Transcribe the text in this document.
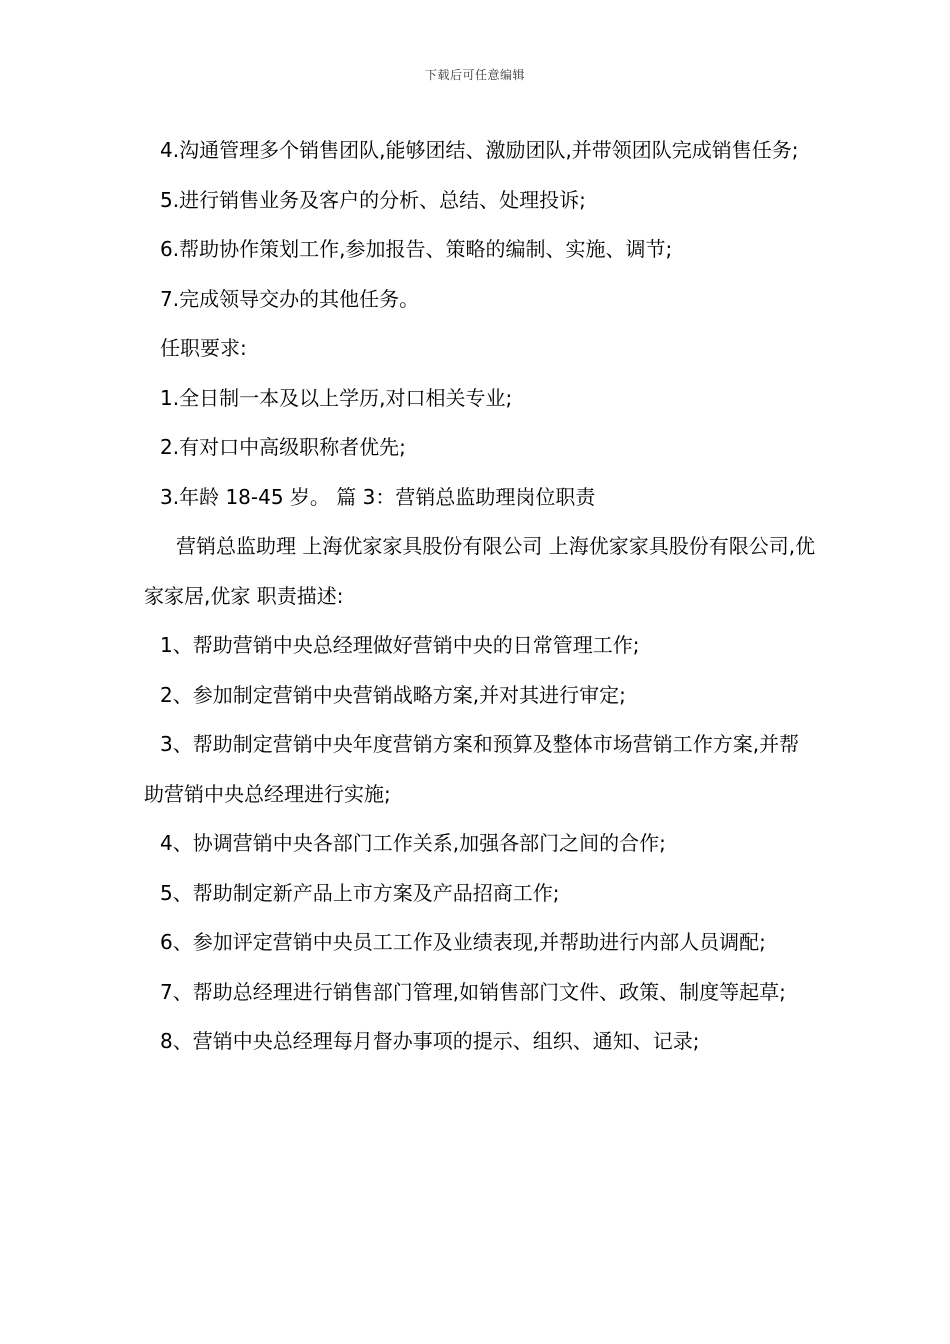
下载后可任意编辑

4.沟通管理多个销售团队,能够团结、激励团队,并带领团队完成销售任务;

5.进行销售业务及客户的分析、总结、处理投诉;

6.帮助协作策划工作,参加报告、策略的编制、实施、调节;

7.完成领导交办的其他任务。

任职要求:

1.全日制一本及以上学历,对口相关专业;

2.有对口中高级职称者优先;

3.年龄 18-45 岁。 篇 3：营销总监助理岗位职责

营销总监助理 上海优家家具股份有限公司 上海优家家具股份有限公司,优家家居,优家 职责描述:

1、帮助营销中央总经理做好营销中央的日常管理工作;

2、参加制定营销中央营销战略方案,并对其进行审定;

3、帮助制定营销中央年度营销方案和预算及整体市场营销工作方案,并帮助营销中央总经理进行实施;

4、协调营销中央各部门工作关系,加强各部门之间的合作;

5、帮助制定新产品上市方案及产品招商工作;

6、参加评定营销中央员工工作及业绩表现,并帮助进行内部人员调配;

7、帮助总经理进行销售部门管理,如销售部门文件、政策、制度等起草;

8、营销中央总经理每月督办事项的提示、组织、通知、记录;
